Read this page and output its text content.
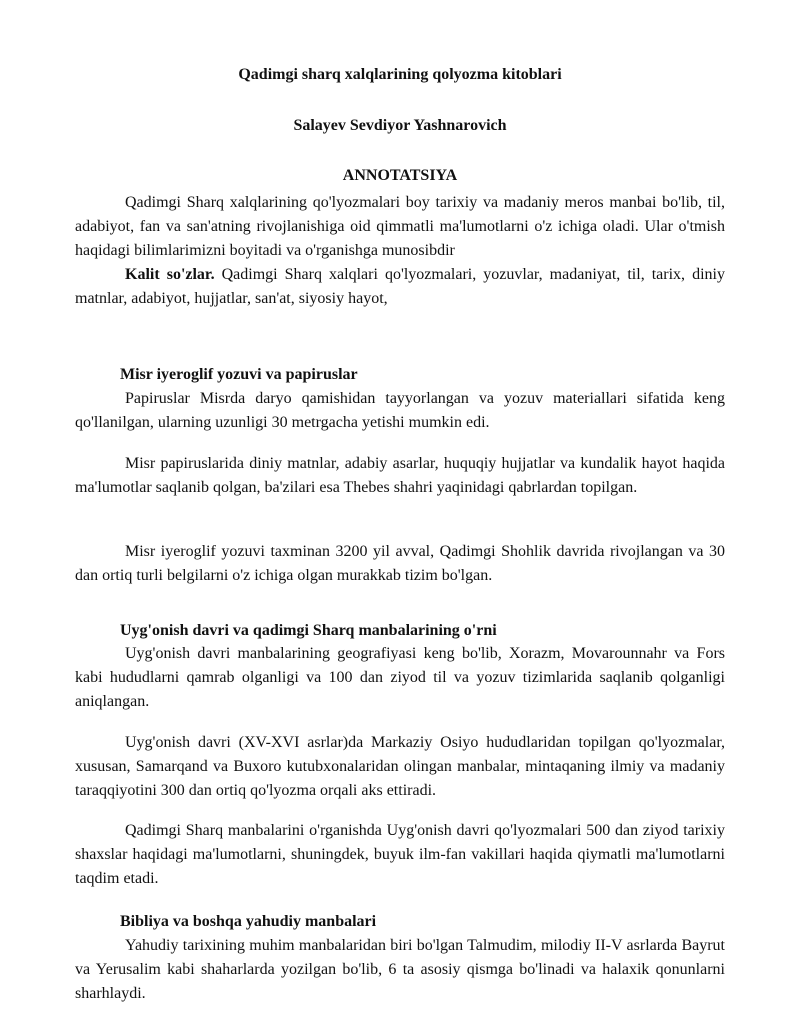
Qadimgi sharq xalqlarining qolyozma kitoblari
Salayev Sevdiyor Yashnarovich
ANNOTATSIYA

Qadimgi Sharq xalqlarining qo'lyozmalari boy tarixiy va madaniy meros manbai bo'lib, til, adabiyot, fan va san'atning rivojlanishiga oid qimmatli ma'lumotlarni o'z ichiga oladi. Ular o'tmish haqidagi bilimlarimizni boyitadi va o'rganishga munosibdir

Kalit so'zlar. Qadimgi Sharq xalqlari qo'lyozmalari, yozuvlar, madaniyat, til, tarix, diniy matnlar, adabiyot, hujjatlar, san'at, siyosiy hayot,

Misr iyeroglif yozuvi va papiruslar

Papiruslar Misrda daryo qamishidan tayyorlangan va yozuv materiallari sifatida keng qo'llanilgan, ularning uzunligi 30 metrgacha yetishi mumkin edi.

Misr papiruslarida diniy matnlar, adabiy asarlar, huquqiy hujjatlar va kundalik hayot haqida ma'lumotlar saqlanib qolgan, ba'zilari esa Thebes shahri yaqinidagi qabrlardan topilgan.

Misr iyeroglif yozuvi taxminan 3200 yil avval, Qadimgi Shohlik davrida rivojlangan va 30 dan ortiq turli belgilarni o'z ichiga olgan murakkab tizim bo'lgan.

Uyg'onish davri va qadimgi Sharq manbalarining o'rni

Uyg'onish davri manbalarining geografiyasi keng bo'lib, Xorazm, Movarounnahr va Fors kabi hududlarni qamrab olganligi va 100 dan ziyod til va yozuv tizimlarida saqlanib qolganligi aniqlangan.

Uyg'onish davri (XV-XVI asrlar)da Markaziy Osiyo hududlaridan topilgan qo'lyozmalar, xususan, Samarqand va Buxoro kutubxonalaridan olingan manbalar, mintaqaning ilmiy va madaniy taraqqiyotini 300 dan ortiq qo'lyozma orqali aks ettiradi.

Qadimgi Sharq manbalarini o'rganishda Uyg'onish davri qo'lyozmalari 500 dan ziyod tarixiy shaxslar haqidagi ma'lumotlarni, shuningdek, buyuk ilm-fan vakillari haqida qiymatli ma'lumotlarni taqdim etadi.

Bibliya va boshqa yahudiy manbalari

Yahudiy tarixining muhim manbalaridan biri bo'lgan Talmudim, milodiy II-V asrlarda Bayrut va Yerusalim kabi shaharlarda yozilgan bo'lib, 6 ta asosiy qismga bo'linadi va halaxik qonunlarni sharhlaydi.
